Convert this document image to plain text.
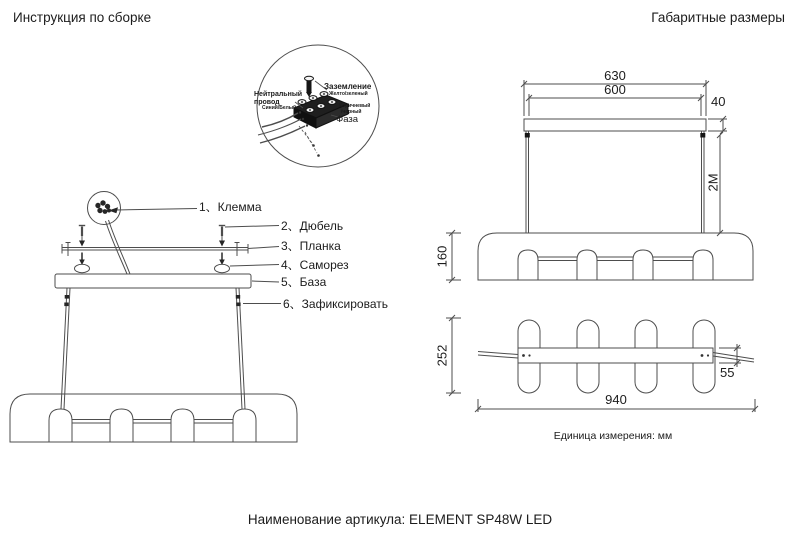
Инструкция по сборке	Габаритные размеры
Наименование артикула: ELEMENT SP48W LED
1、Клемма
2、Дюбель
3、Планка
4、Саморез
5、База
6、Зафиксировать
Нейтральный
провод
Синий/Белый
Заземление
Желто/зеленый
Коричневый
/черный
Фаза
630
600
40
2M
160
252
55
940
Единица измерения: мм
